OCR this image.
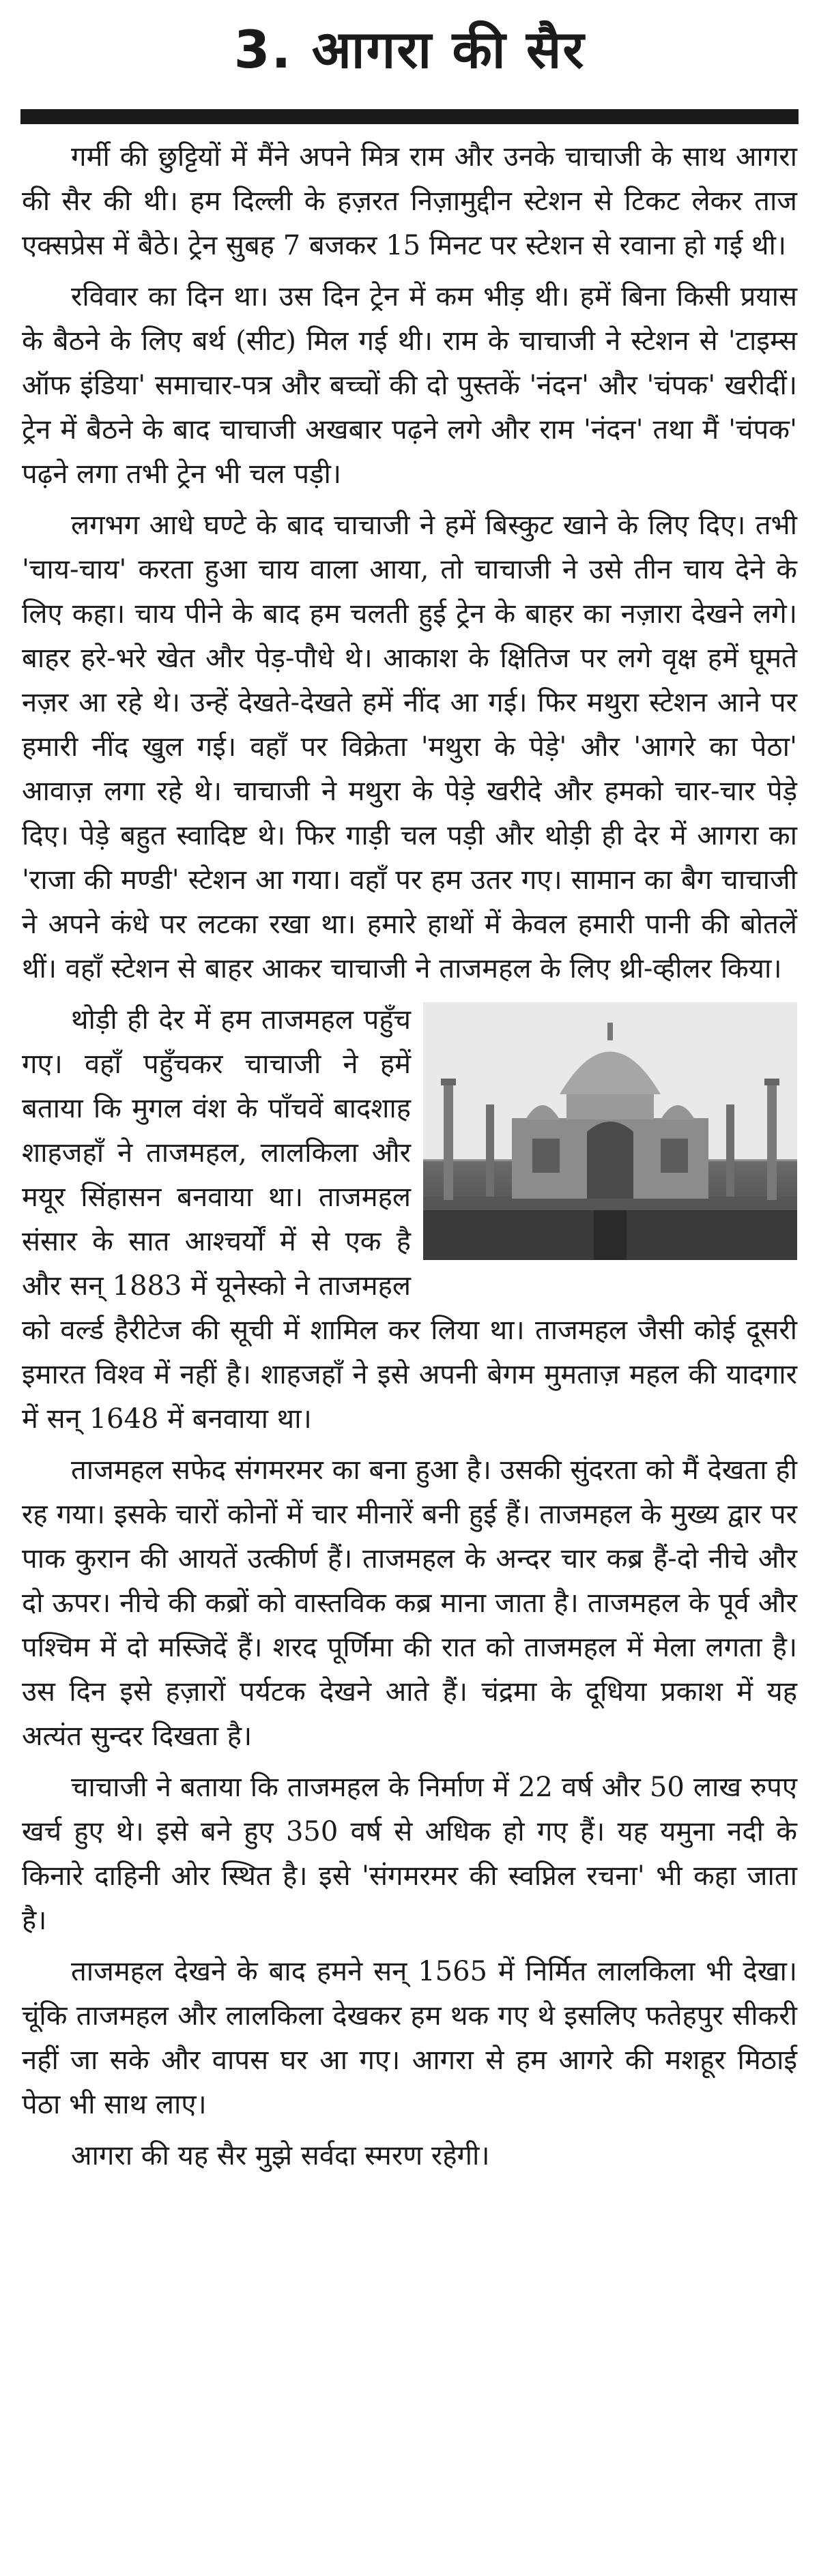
3. आगरा की सैर

गर्मी की छुट्टियों में मैंने अपने मित्र राम और उनके चाचाजी के साथ आगरा की सैर की थी। हम दिल्ली के हज़रत निज़ामुद्दीन स्टेशन से टिकट लेकर ताज एक्सप्रेस में बैठे। ट्रेन सुबह 7 बजकर 15 मिनट पर स्टेशन से रवाना हो गई थी।

रविवार का दिन था। उस दिन ट्रेन में कम भीड़ थी। हमें बिना किसी प्रयास के बैठने के लिए बर्थ (सीट) मिल गई थी। राम के चाचाजी ने स्टेशन से 'टाइम्स ऑफ इंडिया' समाचार-पत्र और बच्चों की दो पुस्तकें 'नंदन' और 'चंपक' खरीदीं। ट्रेन में बैठने के बाद चाचाजी अखबार पढ़ने लगे और राम 'नंदन' तथा मैं 'चंपक' पढ़ने लगा तभी ट्रेन भी चल पड़ी।

लगभग आधे घण्टे के बाद चाचाजी ने हमें बिस्कुट खाने के लिए दिए। तभी 'चाय-चाय' करता हुआ चाय वाला आया, तो चाचाजी ने उसे तीन चाय देने के लिए कहा। चाय पीने के बाद हम चलती हुई ट्रेन के बाहर का नज़ारा देखने लगे। बाहर हरे-भरे खेत और पेड़-पौधे थे। आकाश के क्षितिज पर लगे वृक्ष हमें घूमते नज़र आ रहे थे। उन्हें देखते-देखते हमें नींद आ गई। फिर मथुरा स्टेशन आने पर हमारी नींद खुल गई। वहाँ पर विक्रेता 'मथुरा के पेड़े' और 'आगरे का पेठा' आवाज़ लगा रहे थे। चाचाजी ने मथुरा के पेड़े खरीदे और हमको चार-चार पेड़े दिए। पेड़े बहुत स्वादिष्ट थे। फिर गाड़ी चल पड़ी और थोड़ी ही देर में आगरा का 'राजा की मण्डी' स्टेशन आ गया। वहाँ पर हम उतर गए। सामान का बैग चाचाजी ने अपने कंधे पर लटका रखा था। हमारे हाथों में केवल हमारी पानी की बोतलें थीं। वहाँ स्टेशन से बाहर आकर चाचाजी ने ताजमहल के लिए थ्री-व्हीलर किया।

थोड़ी ही देर में हम ताजमहल पहुँच गए। वहाँ पहुँचकर चाचाजी ने हमें बताया कि मुगल वंश के पाँचवें बादशाह शाहजहाँ ने ताजमहल, लालकिला और मयूर सिंहासन बनवाया था। ताजमहल संसार के सात आश्चर्यों में से एक है और सन् 1883 में यूनेस्को ने ताजमहल को वर्ल्ड हैरीटेज की सूची में शामिल कर लिया था। ताजमहल जैसी कोई दूसरी इमारत विश्व में नहीं है। शाहजहाँ ने इसे अपनी बेगम मुमताज़ महल की यादगार में सन् 1648 में बनवाया था।

ताजमहल सफेद संगमरमर का बना हुआ है। उसकी सुंदरता को मैं देखता ही रह गया। इसके चारों कोनों में चार मीनारें बनी हुई हैं। ताजमहल के मुख्य द्वार पर पाक कुरान की आयतें उत्कीर्ण हैं। ताजमहल के अन्दर चार कब्र हैं-दो नीचे और दो ऊपर। नीचे की कब्रों को वास्तविक कब्र माना जाता है। ताजमहल के पूर्व और पश्चिम में दो मस्जिदें हैं। शरद पूर्णिमा की रात को ताजमहल में मेला लगता है। उस दिन इसे हज़ारों पर्यटक देखने आते हैं। चंद्रमा के दूधिया प्रकाश में यह अत्यंत सुन्दर दिखता है।

चाचाजी ने बताया कि ताजमहल के निर्माण में 22 वर्ष और 50 लाख रुपए खर्च हुए थे। इसे बने हुए 350 वर्ष से अधिक हो गए हैं। यह यमुना नदी के किनारे दाहिनी ओर स्थित है। इसे 'संगमरमर की स्वप्निल रचना' भी कहा जाता है।

ताजमहल देखने के बाद हमने सन् 1565 में निर्मित लालकिला भी देखा। चूंकि ताजमहल और लालकिला देखकर हम थक गए थे इसलिए फतेहपुर सीकरी नहीं जा सके और वापस घर आ गए। आगरा से हम आगरे की मशहूर मिठाई पेठा भी साथ लाए।

आगरा की यह सैर मुझे सर्वदा स्मरण रहेगी।
